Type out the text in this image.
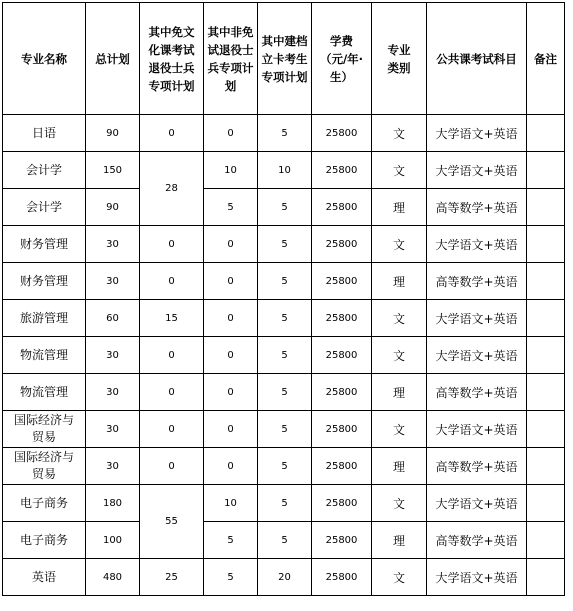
专业名称	总计划	其中免文化课考试退役士兵专项计划	其中非免试退役士兵专项计划	其中建档立卡考生专项计划	学费（元/年·生）	专业类别	公共课考试科目	备注
日语	90	0	0	5	25800	文	大学语文+英语	
会计学	150	28	10	10	25800	文	大学语文+英语	
会计学	90		5	5	25800	理	高等数学+英语	
财务管理	30	0	0	5	25800	文	大学语文+英语	
财务管理	30	0	0	5	25800	理	高等数学+英语	
旅游管理	60	15	0	5	25800	文	大学语文+英语	
物流管理	30	0	0	5	25800	文	大学语文+英语	
物流管理	30	0	0	5	25800	理	高等数学+英语	
国际经济与贸易	30	0	0	5	25800	文	大学语文+英语	
国际经济与贸易	30	0	0	5	25800	理	高等数学+英语	
电子商务	180	55	10	5	25800	文	大学语文+英语	
电子商务	100		5	5	25800	理	高等数学+英语	
英语	480	25	5	20	25800	文	大学语文+英语	
